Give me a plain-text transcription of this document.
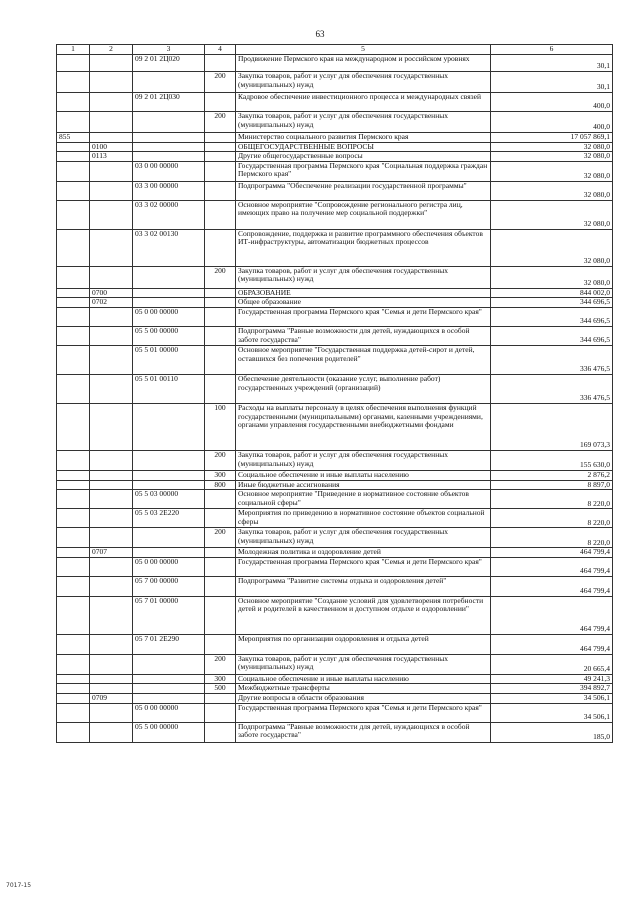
63
1	2	3	4	5	6
		09 2 01 2Ц020		Продвижение Пермского края на международном и российском уровнях	30,1
			200	Закупка товаров, работ и услуг для обеспечения государственных (муниципальных) нужд	30,1
		09 2 01 2Ц030		Кадровое обеспечение инвестиционного процесса и международных связей	400,0
			200	Закупка товаров, работ и услуг для обеспечения государственных (муниципальных) нужд	400,0
855				Министерство социального развития Пермского края	17 057 869,1
	0100			ОБЩЕГОСУДАРСТВЕННЫЕ ВОПРОСЫ	32 080,0
	0113			Другие общегосударственные вопросы	32 080,0
		03 0 00 00000		Государственная программа Пермского края "Социальная поддержка граждан Пермского края"	32 080,0
		03 3 00 00000		Подпрограмма "Обеспечение реализации государственной программы"	32 080,0
		03 3 02 00000		Основное мероприятие "Сопровождение регионального регистра лиц, имеющих право на получение мер социальной поддержки"	32 080,0
		03 3 02 00130		Сопровождение, поддержка и развитие программного обеспечения объектов ИТ-инфраструктуры, автоматизации бюджетных процессов	32 080,0
			200	Закупка товаров, работ и услуг для обеспечения государственных (муниципальных) нужд	32 080,0
	0700			ОБРАЗОВАНИЕ	844 002,0
	0702			Общее образование	344 696,5
		05 0 00 00000		Государственная программа Пермского края "Семья и дети Пермского края"	344 696,5
		05 5 00 00000		Подпрограмма "Равные возможности для детей, нуждающихся в особой заботе государства"	344 696,5
		05 5 01 00000		Основное мероприятие "Государственная поддержка детей-сирот и детей, оставшихся без попечения родителей"	336 476,5
		05 5 01 00110		Обеспечение деятельности (оказание услуг, выполнение работ) государственных учреждений (организаций)	336 476,5
			100	Расходы на выплаты персоналу в целях обеспечения выполнения функций государственными (муниципальными) органами, казенными учреждениями, органами управления государственными внебюджетными фондами	169 073,3
			200	Закупка товаров, работ и услуг для обеспечения государственных (муниципальных) нужд	155 630,0
			300	Социальное обеспечение и иные выплаты населению	2 876,2
			800	Иные бюджетные ассигнования	8 897,0
		05 5 03 00000		Основное мероприятие "Приведение в нормативное состояние объектов социальной сферы"	8 220,0
		05 5 03 2Е220		Мероприятия по приведению в нормативное состояние объектов социальной сферы	8 220,0
			200	Закупка товаров, работ и услуг для обеспечения государственных (муниципальных) нужд	8 220,0
	0707			Молодежная политика и оздоровление детей	464 799,4
		05 0 00 00000		Государственная программа Пермского края "Семья и дети Пермского края"	464 799,4
		05 7 00 00000		Подпрограмма "Развитие системы отдыха и оздоровления детей"	464 799,4
		05 7 01 00000		Основное мероприятие "Создание условий для удовлетворения потребности детей и родителей в качественном и доступном отдыхе и оздоровлении"	464 799,4
		05 7 01 2Е290		Мероприятия по организации оздоровления и отдыха детей	464 799,4
			200	Закупка товаров, работ и услуг для обеспечения государственных (муниципальных) нужд	20 665,4
			300	Социальное обеспечение и иные выплаты населению	49 241,3
			500	Межбюджетные трансферты	394 892,7
	0709			Другие вопросы в области образования	34 506,1
		05 0 00 00000		Государственная программа Пермского края "Семья и дети Пермского края"	34 506,1
		05 5 00 00000		Подпрограмма "Равные возможности для детей, нуждающихся в особой заботе государства"	185,0
7017-15
